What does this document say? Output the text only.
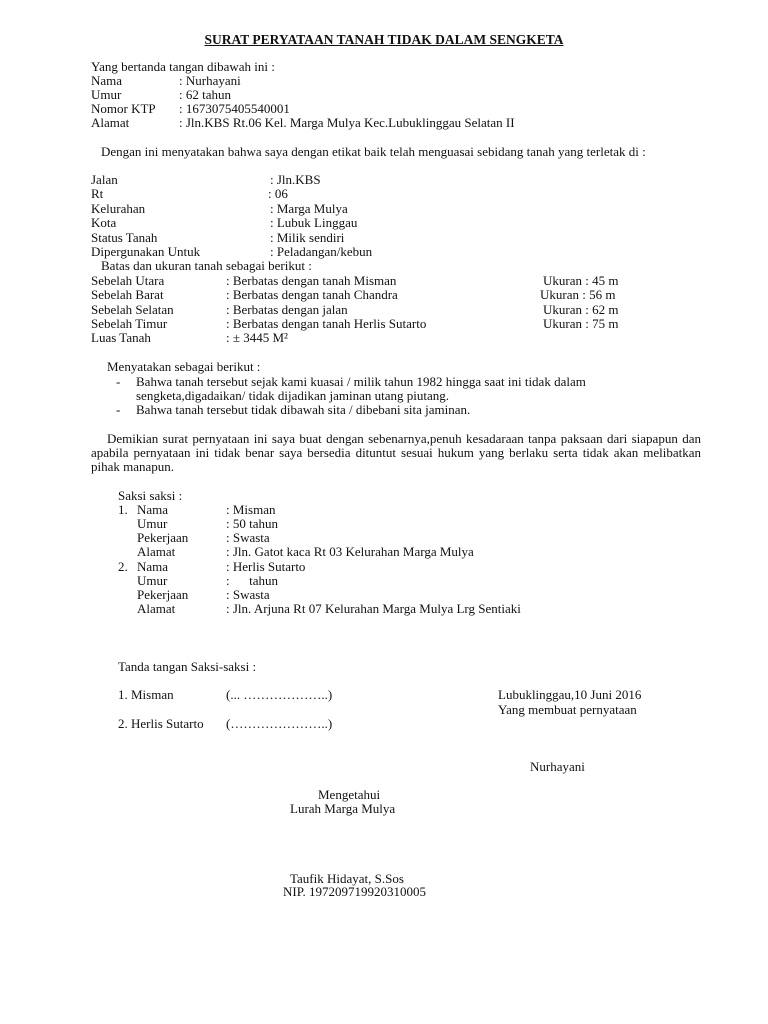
SURAT PERYATAAN TANAH TIDAK DALAM SENGKETA
Yang bertanda tangan dibawah ini :
Nama	: Nurhayani
Umur	: 62 tahun
Nomor KTP : 1673075405540001
Alamat	: Jln.KBS Rt.06 Kel. Marga Mulya Kec.Lubuklinggau Selatan II
Dengan ini menyatakan bahwa saya dengan etikat baik telah menguasai sebidang tanah yang terletak di :
Jalan	: Jln.KBS
Rt	: 06
Kelurahan	: Marga Mulya
Kota	: Lubuk Linggau
Status Tanah	: Milik sendiri
Dipergunakan Untuk	: Peladangan/kebun
Batas dan ukuran tanah sebagai berikut :
Sebelah Utara	: Berbatas dengan tanah Misman	Ukuran : 45 m
Sebelah Barat	: Berbatas dengan tanah Chandra	Ukuran : 56 m
Sebelah Selatan	: Berbatas dengan jalan	Ukuran : 62 m
Sebelah Timur	: Berbatas dengan tanah Herlis Sutarto	Ukuran : 75 m
Luas Tanah	: ± 3445 M²
Menyatakan sebagai berikut :
- Bahwa tanah tersebut sejak kami kuasai / milik tahun 1982 hingga saat ini tidak dalam
sengketa,digadaikan/ tidak dijadikan jaminan utang piutang.
- Bahwa tanah tersebut tidak dibawah sita / dibebani sita jaminan.
Demikian surat pernyataan ini saya buat dengan sebenarnya,penuh kesadaraan tanpa paksaan dari siapapun dan apabila pernyataan ini tidak benar saya bersedia dituntut sesuai hukum yang berlaku serta tidak akan melibatkan pihak manapun.
Saksi saksi :
1. Nama	: Misman
Umur	: 50 tahun
Pekerjaan	: Swasta
Alamat	: Jln. Gatot kaca Rt 03 Kelurahan Marga Mulya
2. Nama	: Herlis Sutarto
Umur	:      tahun
Pekerjaan	: Swasta
Alamat	: Jln. Arjuna Rt 07 Kelurahan Marga Mulya Lrg Sentiaki
Tanda tangan Saksi-saksi :
1. Misman	(... ………………..)
2. Herlis Sutarto (…………………..)
Lubuklinggau,10 Juni 2016
Yang membuat pernyataan
Nurhayani
Mengetahui
Lurah Marga Mulya
Taufik Hidayat, S.Sos
NIP. 197209719920310005
